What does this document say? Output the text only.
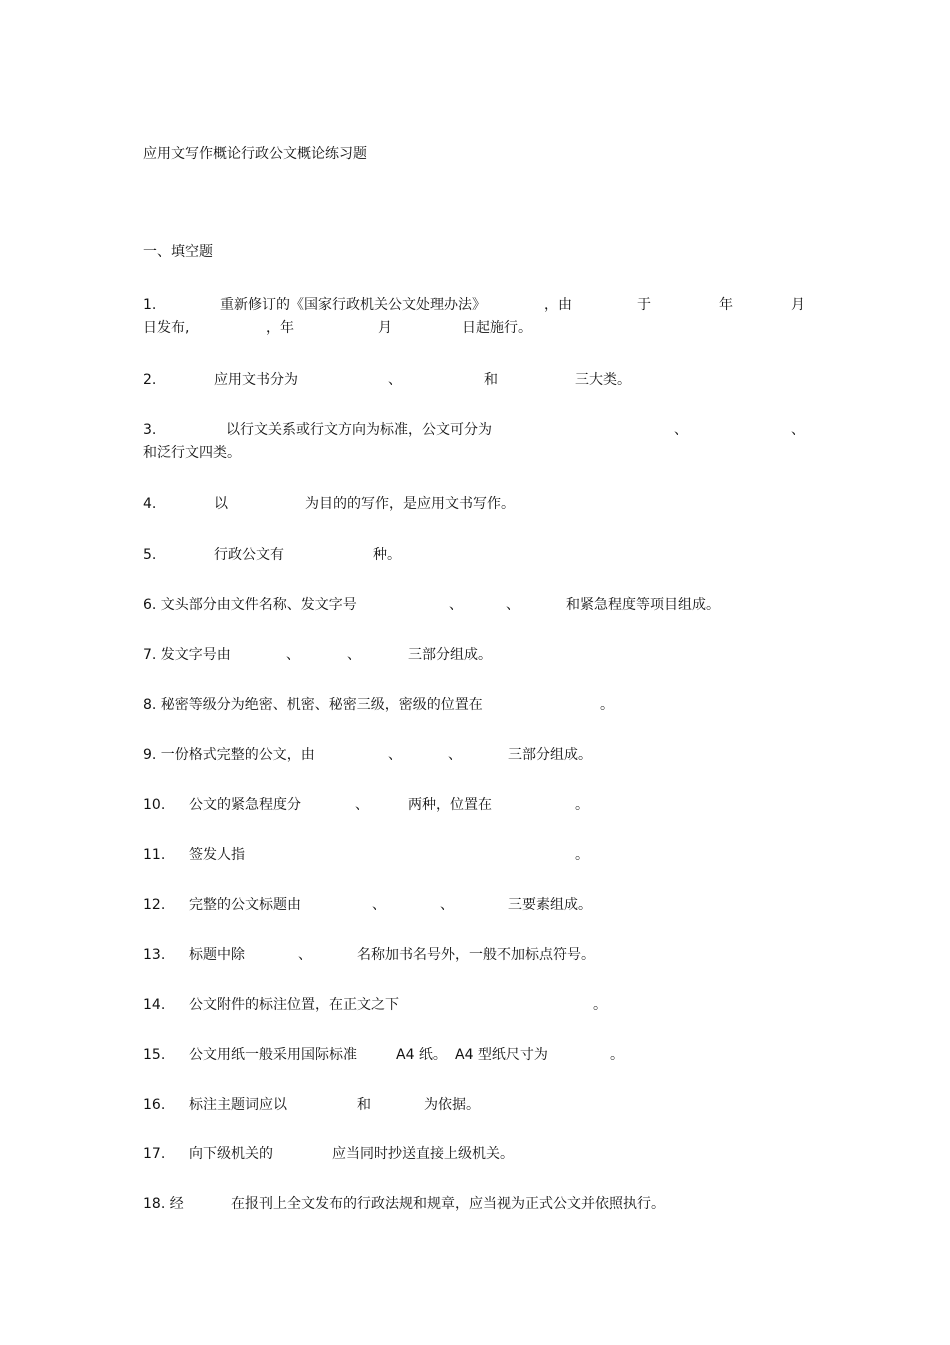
应用文写作概论行政公文概论练习题
一、填空题
1.	重新修订的《国家行政机关公文处理办法》	，由	于	年	月
日发布,	，年	月	日起施行。
2.	应用文书分为	、	和	三大类。
3.	以行文关系或行文方向为标准，公文可分为	、	、
和泛行文四类。
4.	以	为目的的写作，是应用文书写作。
5.	行政公文有	种。
6. 文头部分由文件名称、发文字号	、	、	和紧急程度等项目组成。
7. 发文字号由	、	、	三部分组成。
8. 秘密等级分为绝密、机密、秘密三级，密级的位置在	。
9. 一份格式完整的公文，由	、	、	三部分组成。
10. 公文的紧急程度分	、	两种，位置在	。
11. 签发人指	。
12. 完整的公文标题由	、	、	三要素组成。
13. 标题中除	、	名称加书名号外，一般不加标点符号。
14. 公文附件的标注位置，在正文之下	。
15. 公文用纸一般采用国际标准	A4 纸。 A4 型纸尺寸为	。
16. 标注主题词应以	和	为依据。
17. 向下级机关的	应当同时抄送直接上级机关。
18. 经	在报刊上全文发布的行政法规和规章，应当视为正式公文并依照执行。
